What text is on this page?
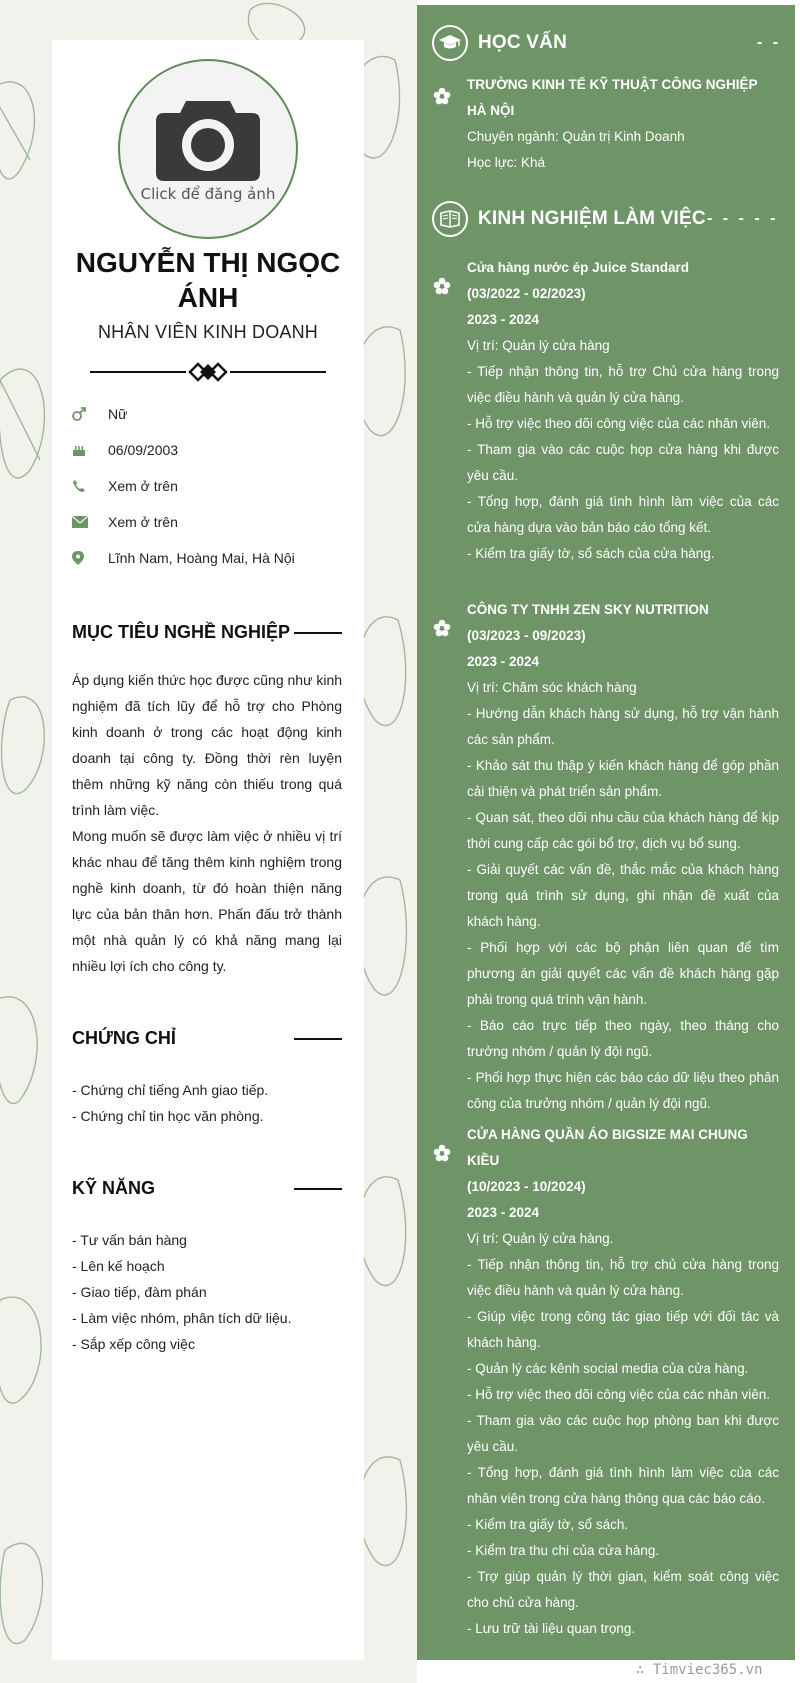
Click để đăng ảnh
NGUYỄN THỊ NGỌC ÁNH
NHÂN VIÊN KINH DOANH
Nữ
06/09/2003
Xem ở trên
Xem ở trên
Lĩnh Nam, Hoàng Mai, Hà Nội
MỤC TIÊU NGHỀ NGHIỆP

Áp dụng kiến thức học được cũng như kinh nghiệm đã tích lũy để hỗ trợ cho Phòng kinh doanh ở trong các hoạt động kinh doanh tại công ty. Đồng thời rèn luyện thêm những kỹ năng còn thiếu trong quá trình làm việc.

Mong muốn sẽ được làm việc ở nhiều vị trí khác nhau để tăng thêm kinh nghiệm trong nghề kinh doanh, từ đó hoàn thiện năng lực của bản thân hơn. Phấn đấu trở thành một nhà quản lý có khả năng mang lại nhiều lợi ích cho công ty.

CHỨNG CHỈ
- Chứng chỉ tiếng Anh giao tiếp.
- Chứng chỉ tin học văn phòng.
KỸ NĂNG
- Tư vấn bán hàng
- Lên kế hoạch
- Giao tiếp, đàm phán
- Làm việc nhóm, phân tích dữ liệu.
- Sắp xếp công việc
HỌC VẤN	- -
TRƯỜNG KINH TẾ KỸ THUẬT CÔNG NGHIỆP HÀ NỘI
Chuyên ngành: Quản trị Kinh Doanh
Học lực: Khá
KINH NGHIỆM LÀM VIỆC - - - - -
Cửa hàng nước ép Juice Standard
(03/2022 - 02/2023)
2023 - 2024

Vị trí: Quản lý cửa hàng

- Tiếp nhận thông tin, hỗ trợ Chủ cửa hàng trong việc điều hành và quản lý cửa hàng.

- Hỗ trợ việc theo dõi công việc của các nhân viên.

- Tham gia vào các cuộc họp cửa hàng khi được yêu cầu.

- Tổng hợp, đánh giá tình hình làm việc của các cửa hàng dựa vào bản báo cáo tổng kết.

- Kiểm tra giấy tờ, sổ sách của cửa hàng.

CÔNG TY TNHH ZEN SKY NUTRITION
(03/2023 - 09/2023)
2023 - 2024

Vị trí: Chăm sóc khách hàng

- Hướng dẫn khách hàng sử dụng, hỗ trợ vận hành các sản phẩm.

- Khảo sát thu thập ý kiến khách hàng để góp phần cải thiện và phát triển sản phẩm.

- Quan sát, theo dõi nhu cầu của khách hàng để kịp thời cung cấp các gói bổ trợ, dịch vụ bổ sung.

- Giải quyết các vấn đề, thắc mắc của khách hàng trong quá trình sử dụng, ghi nhận đề xuất của khách hàng.

- Phối hợp với các bộ phận liên quan để tìm phương án giải quyết các vấn đề khách hàng gặp phải trong quá trình vận hành.

- Báo cáo trực tiếp theo ngày, theo tháng cho trưởng nhóm / quản lý đội ngũ.

- Phối hợp thực hiện các báo cáo dữ liệu theo phân công của trưởng nhóm / quản lý đội ngũ.

CỬA HÀNG QUẦN ÁO BIGSIZE MAI CHUNG KIỀU
(10/2023 - 10/2024)
2023 - 2024

Vị trí: Quản lý cửa hàng.

- Tiếp nhận thông tin, hỗ trợ chủ cửa hàng trong việc điều hành và quản lý cửa hàng.

- Giúp việc trong công tác giao tiếp với đối tác và khách hàng.

- Quản lý các kênh social media của cửa hàng.

- Hỗ trợ việc theo dõi công việc của các nhân viên.

- Tham gia vào các cuộc họp phòng ban khi được yêu cầu.

- Tổng hợp, đánh giá tình hình làm việc của các nhân viên trong cửa hàng thông qua các báo cáo.

- Kiểm tra giấy tờ, sổ sách.

- Kiểm tra thu chi của cửa hàng.

- Trợ giúp quản lý thời gian, kiểm soát công việc cho chủ cửa hàng.

- Lưu trữ tài liệu quan trọng.

∴ Timviec365.vn
